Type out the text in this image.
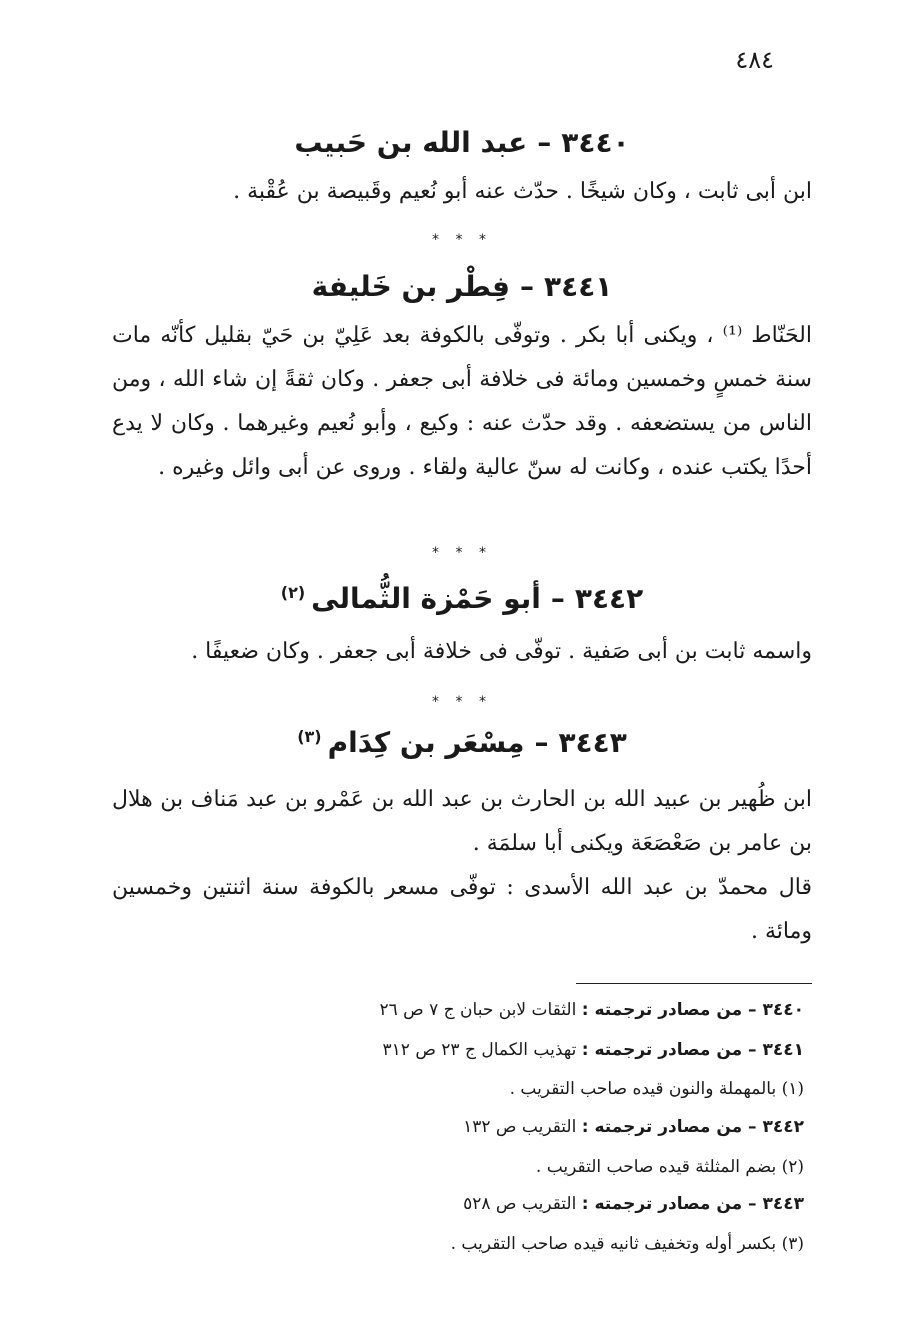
٤٨٤
٣٤٤٠–عبد الله بن حَبيب
ابن أبى ثابت ، وكان شيخًا . حدّث عنه أبو نُعيم وقَبيصة بن عُقْبة .
* * *
٣٤٤١–فِطْر بن خَليفة
الحَنّاط ⁽¹⁾ ، ويكنى أبا بكر . وتوفّى بالكوفة بعد عَلِيّ بن حَيّ بقليل كأنّه مات سنة خمسٍ وخمسين ومائة فى خلافة أبى جعفر . وكان ثقةً إن شاء الله ، ومن الناس من يستضعفه . وقد حدّث عنه : وكيع ، وأبو نُعيم وغيرهما . وكان لا يدع أحدًا يكتب عنده ، وكانت له سنّ عالية ولقاء . وروى عن أبى وائل وغيره .
* * *
٣٤٤٢–أبو حَمْزة الثُّمالى$^{(٢)}$
واسمه ثابت بن أبى صَفية . توفّى فى خلافة أبى جعفر . وكان ضعيفًا .
* * *
٣٤٤٣–مِسْعَر بن كِدَام$^{(٣)}$
ابن ظُهير بن عبيد الله بن الحارث بن عبد الله بن عَمْرو بن عبد مَناف بن هلال بن عامر بن صَعْصَعَة ويكنى أبا سلمَة .
قال محمدّ بن عبد الله الأسدى : توفّى مسعر بالكوفة سنة اثنتين وخمسين ومائة .
٣٤٤٠ – من مصادر ترجمته : الثقات لابن حبان ج ٧ ص ٢٦
٣٤٤١ – من مصادر ترجمته : تهذيب الكمال ج ٢٣ ص ٣١٢
(١) بالمهملة والنون قيده صاحب التقريب .
٣٤٤٢ – من مصادر ترجمته : التقريب ص ١٣٢
(٢) بضم المثلثة قيده صاحب التقريب .
٣٤٤٣ – من مصادر ترجمته : التقريب ص ٥٢٨
(٣) بكسر أوله وتخفيف ثانيه قيده صاحب التقريب .
